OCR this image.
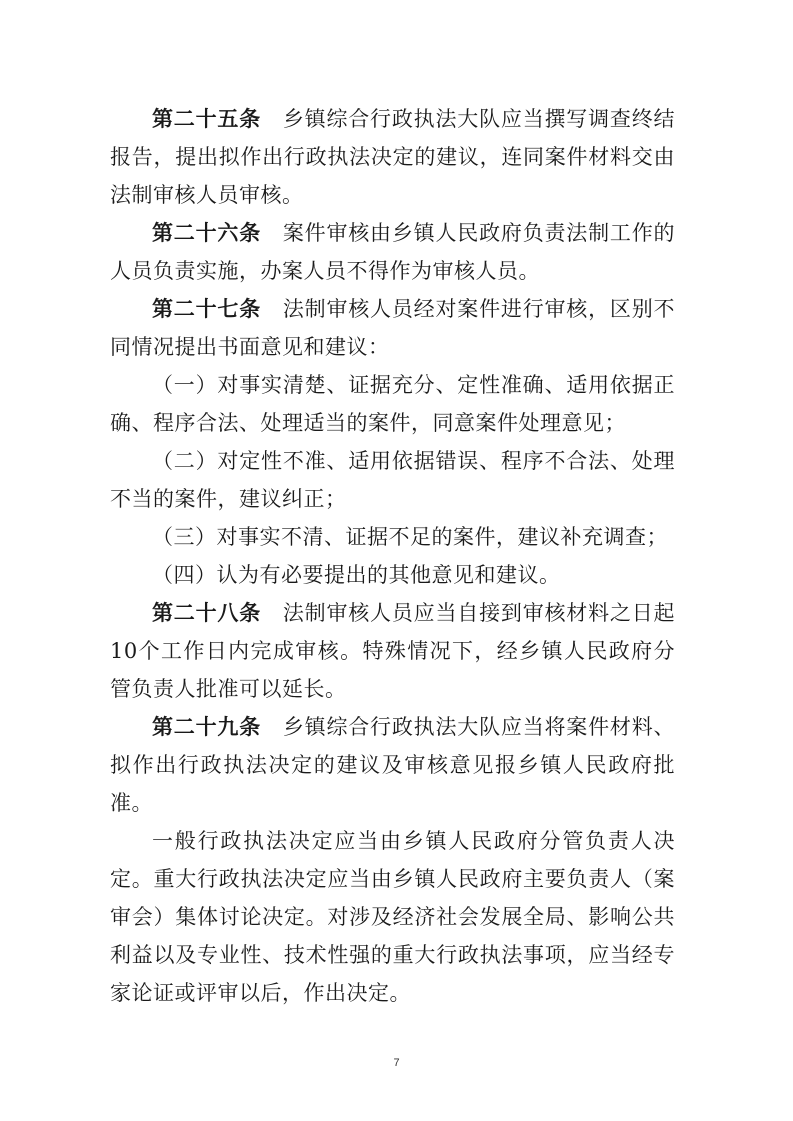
第二十五条　 乡镇综合行政执法大队应当撰写调查终结报告，提出拟作出行政执法决定的建议，连同案件材料交由法制审核人员审核。

第二十六条　 案件审核由乡镇人民政府负责法制工作的人员负责实施，办案人员不得作为审核人员。

第二十七条　 法制审核人员经对案件进行审核，区别不同情况提出书面意见和建议：

（一）对事实清楚、证据充分、定性准确、适用依据正确、程序合法、处理适当的案件，同意案件处理意见；

（二）对定性不准、适用依据错误、程序不合法、处理不当的案件，建议纠正；

（三）对事实不清、证据不足的案件，建议补充调查；

（四）认为有必要提出的其他意见和建议。

第二十八条　 法制审核人员应当自接到审核材料之日起10个工作日内完成审核。特殊情况下，经乡镇人民政府分管负责人批准可以延长。

第二十九条　 乡镇综合行政执法大队应当将案件材料、拟作出行政执法决定的建议及审核意见报乡镇人民政府批准。

一般行政执法决定应当由乡镇人民政府分管负责人决定。重大行政执法决定应当由乡镇人民政府主要负责人（案审会）集体讨论决定。对涉及经济社会发展全局、影响公共利益以及专业性、技术性强的重大行政执法事项，应当经专家论证或评审以后，作出决定。

7
